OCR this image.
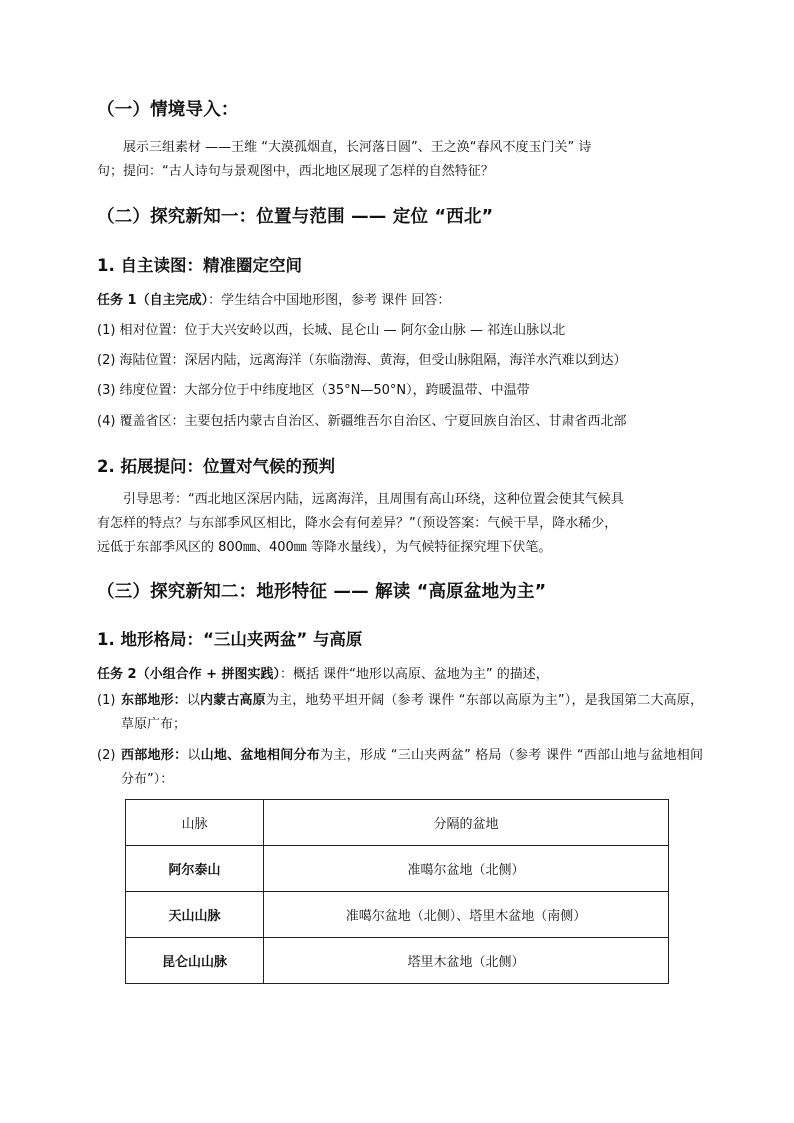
（一）情境导入：
展示三组素材 ——王维 “大漠孤烟直，长河落日圆”、王之涣“春风不度玉门关” 诗
句；提问：“古人诗句与景观图中，西北地区展现了怎样的自然特征？
（二）探究新知一：位置与范围 —— 定位 “西北”
1. 自主读图：精准圈定空间
任务 1（自主完成）：学生结合中国地形图，参考 课件 回答：
(1) 相对位置：位于大兴安岭以西，长城、昆仑山 — 阿尔金山脉 — 祁连山脉以北
(2) 海陆位置：深居内陆，远离海洋（东临渤海、黄海，但受山脉阻隔，海洋水汽难以到达）
(3) 纬度位置：大部分位于中纬度地区（35°N—50°N），跨暖温带、中温带
(4) 覆盖省区：主要包括内蒙古自治区、新疆维吾尔自治区、宁夏回族自治区、甘肃省西北部
2. 拓展提问：位置对气候的预判
引导思考：“西北地区深居内陆，远离海洋，且周围有高山环绕，这种位置会使其气候具
有怎样的特点？与东部季风区相比，降水会有何差异？”（预设答案：气候干旱，降水稀少，
远低于东部季风区的 800㎜、400㎜ 等降水量线），为气候特征探究埋下伏笔。
（三）探究新知二：地形特征 —— 解读 “高原盆地为主”
1. 地形格局：“三山夹两盆” 与高原
任务 2（小组合作 + 拼图实践）：概括 课件“地形以高原、盆地为主” 的描述，
(1) 东部地形：以内蒙古高原为主，地势平坦开阔（参考 课件 “东部以高原为主”），是我国第二大高原，草原广布；
(2) 西部地形：以山地、盆地相间分布为主，形成 “三山夹两盆” 格局（参考 课件 “西部山地与盆地相间分布”）：
山脉	分隔的盆地
阿尔泰山	准噶尔盆地（北侧）
天山山脉	准噶尔盆地（北侧）、塔里木盆地（南侧）
昆仑山山脉	塔里木盆地（北侧）
